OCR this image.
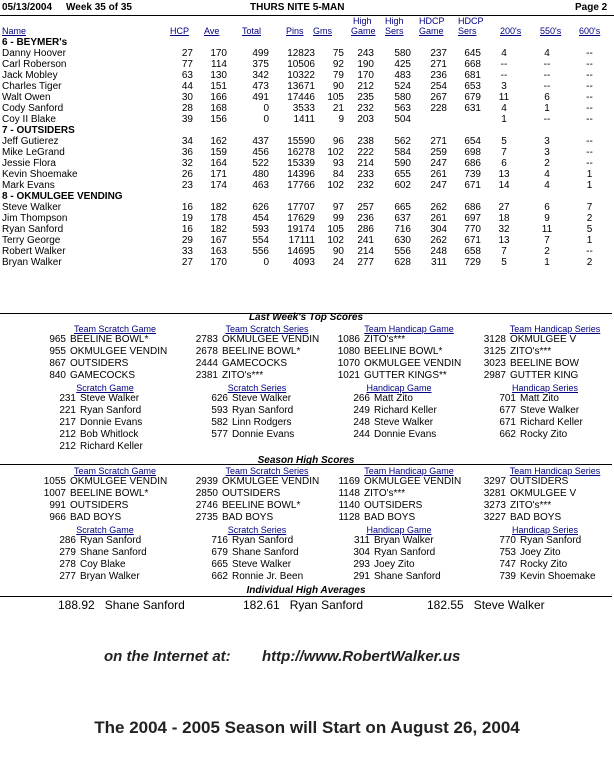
05/13/2004 Week 35 of 35	THURS NITE 5-MAN	Page 2
Name	HCP Ave	Total	Pins Gms
High
Game
High
Sers
HDCP
Game
HDCP
Sers	200's 550's 600's
6 - BEYMER's												
Danny Hoover	27	170	499	12823	75	243	580	237	645	4	4	--
Carl Roberson	77	114	375	10506	92	190	425	271	668	--	--	--
Jack Mobley	63	130	342	10322	79	170	483	236	681	--	--	--
Charles Tiger	44	151	473	13671	90	212	524	254	653	3	--	--
Walt Owen	30	166	491	17446	105	235	580	267	679	11	6	--
Cody Sanford	28	168	0	3533	21	232	563	228	631	4	1	--
Coy II Blake	39	156	0	1411	9	203	504			1	--	--
7 - OUTSIDERS												
Jeff Gutierez	34	162	437	15590	96	238	562	271	654	5	3	--
Mike LeGrand	36	159	456	16278	102	222	584	259	698	7	3	--
Jessie Flora	32	164	522	15339	93	214	590	247	686	6	2	--
Kevin Shoemake	26	171	480	14396	84	233	655	261	739	13	4	1
Mark Evans	23	174	463	17766	102	232	602	247	671	14	4	1
8 - OKMULGEE VENDING												
Steve Walker	16	182	626	17707	97	257	665	262	686	27	6	7
Jim Thompson	19	178	454	17629	99	236	637	261	697	18	9	2
Ryan Sanford	16	182	593	19174	105	286	716	304	770	32	11	5
Terry George	29	167	554	17111	102	241	630	262	671	13	7	1
Robert Walker	33	163	556	14695	90	214	556	248	658	7	2	--
Bryan Walker	27	170	0	4093	24	277	628	311	729	5	1	2
Last Week's Top Scores
Team Scratch Game
965 BEELINE BOWL*
955 OKMULGEE VENDIN
867 OUTSIDERS
840 GAMECOCKS
Team Scratch Series
2783 OKMULGEE VENDIN
2678 BEELINE BOWL*
2444 GAMECOCKS
2381 ZITO's***
Team Handicap Game
1086 ZITO's***
1080 BEELINE BOWL*
1070 OKMULGEE VENDIN
1021 GUTTER KINGS**
Team Handicap Series
3128 OKMULGEE V
3125 ZITO's***
3023 BEELINE BOW
2987 GUTTER KING
Scratch Game
231 Steve Walker
221 Ryan Sanford
217 Donnie Evans
212 Bob Whitlock
212 Richard Keller
Scratch Series
626 Steve Walker
593 Ryan Sanford
582 Linn Rodgers
577 Donnie Evans
Handicap Game
266 Matt Zito
249 Richard Keller
248 Steve Walker
244 Donnie Evans
Handicap Series
701 Matt Zito
677 Steve Walker
671 Richard Keller
662 Rocky Zito
Season High Scores
Team Scratch Game
1055 OKMULGEE VENDIN
1007 BEELINE BOWL*
991 OUTSIDERS
966 BAD BOYS
Team Scratch Series
2939 OKMULGEE VENDIN
2850 OUTSIDERS
2746 BEELINE BOWL*
2735 BAD BOYS
Team Handicap Game
1169 OKMULGEE VENDIN
1148 ZITO's***
1140 OUTSIDERS
1128 BAD BOYS
Team Handicap Series
3297 OUTSIDERS
3281 OKMULGEE V
3273 ZITO's***
3227 BAD BOYS
Scratch Game
286 Ryan Sanford
279 Shane Sanford
278 Coy Blake
277 Bryan Walker
Scratch Series
716 Ryan Sanford
679 Shane Sanford
665 Steve Walker
662 Ronnie Jr. Been
Handicap Game
311 Bryan Walker
304 Ryan Sanford
293 Joey Zito
291 Shane Sanford
Handicap Series
770 Ryan Sanford
753 Joey Zito
747 Rocky Zito
739 Kevin Shoemake
Individual High Averages
188.92 Shane Sanford	182.61 Ryan Sanford	182.55 Steve Walker
on the Internet at: http://www.RobertWalker.us
The 2004 - 2005 Season will Start on August 26, 2004
